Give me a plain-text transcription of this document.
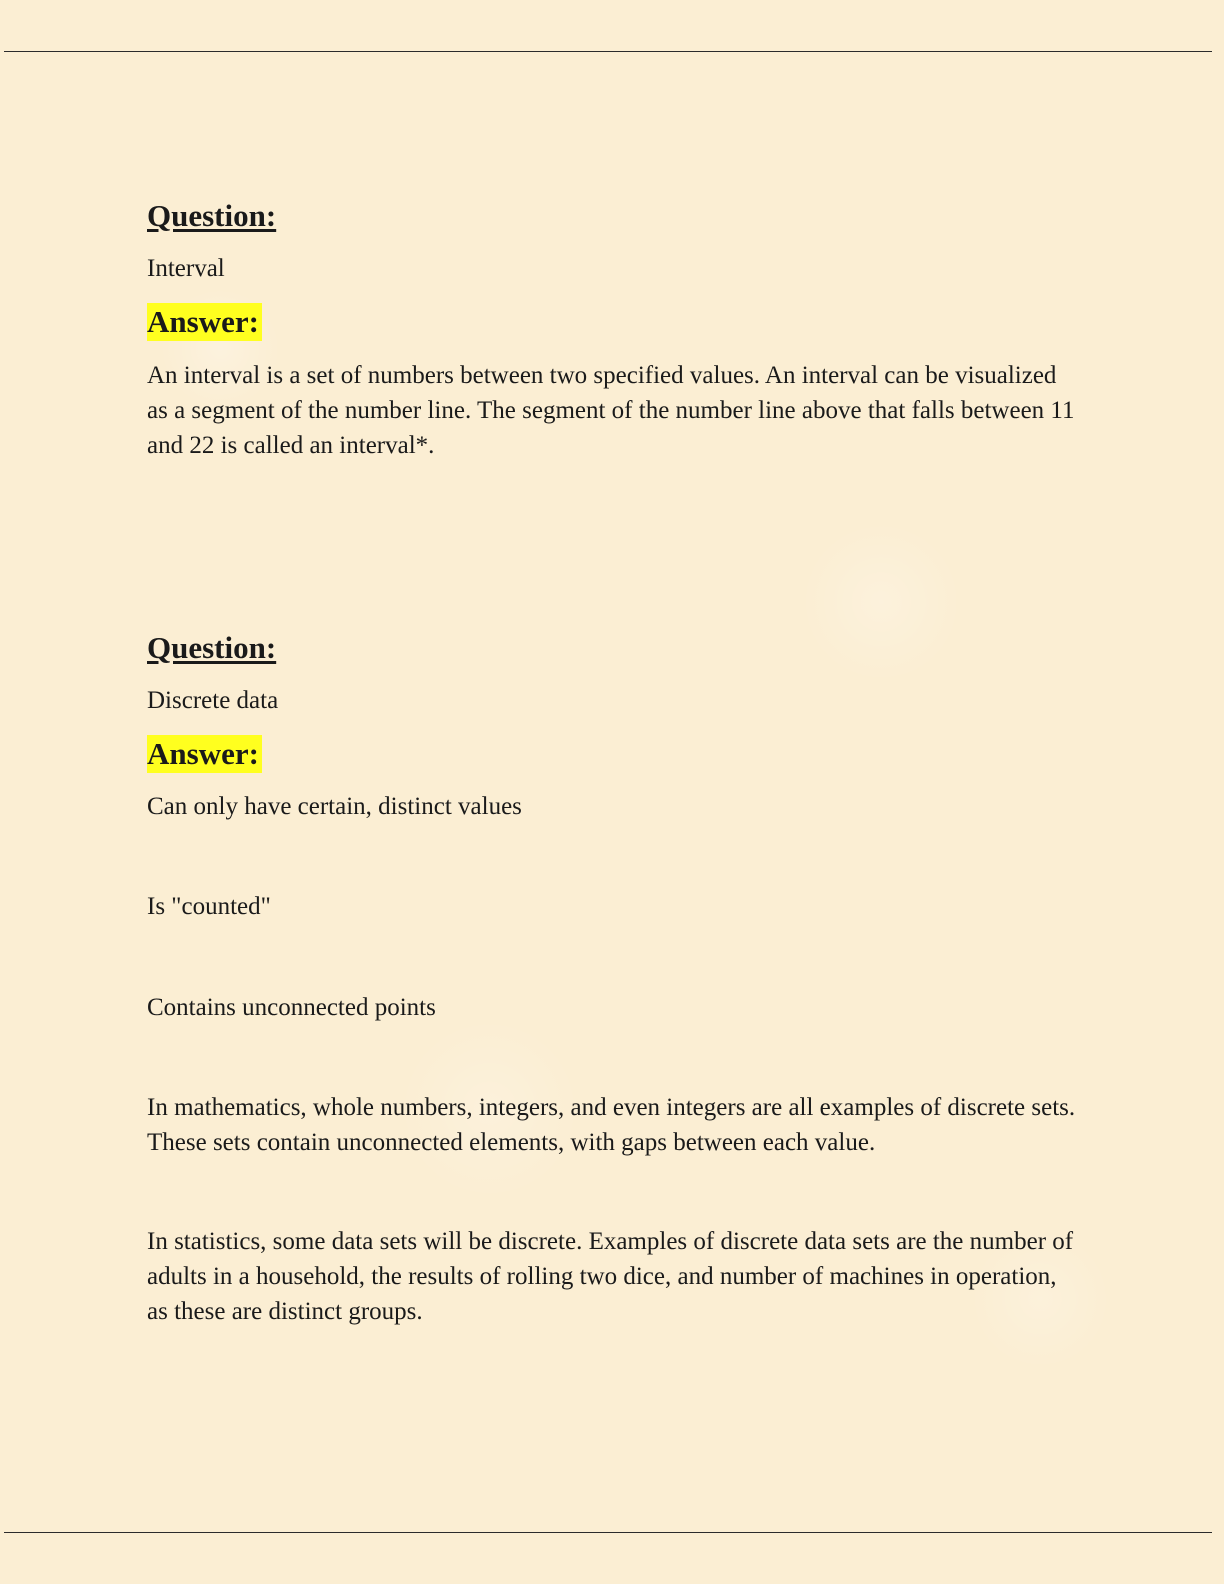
Question:

Interval

Answer:

An interval is a set of numbers between two specified values. An interval can be visualized as a segment of the number line. The segment of the number line above that falls between 11 and 22 is called an interval*.

Question:

Discrete data

Answer:

Can only have certain, distinct values

Is "counted"

Contains unconnected points

In mathematics, whole numbers, integers, and even integers are all examples of discrete sets. These sets contain unconnected elements, with gaps between each value.

In statistics, some data sets will be discrete. Examples of discrete data sets are the number of adults in a household, the results of rolling two dice, and number of machines in operation, as these are distinct groups.
